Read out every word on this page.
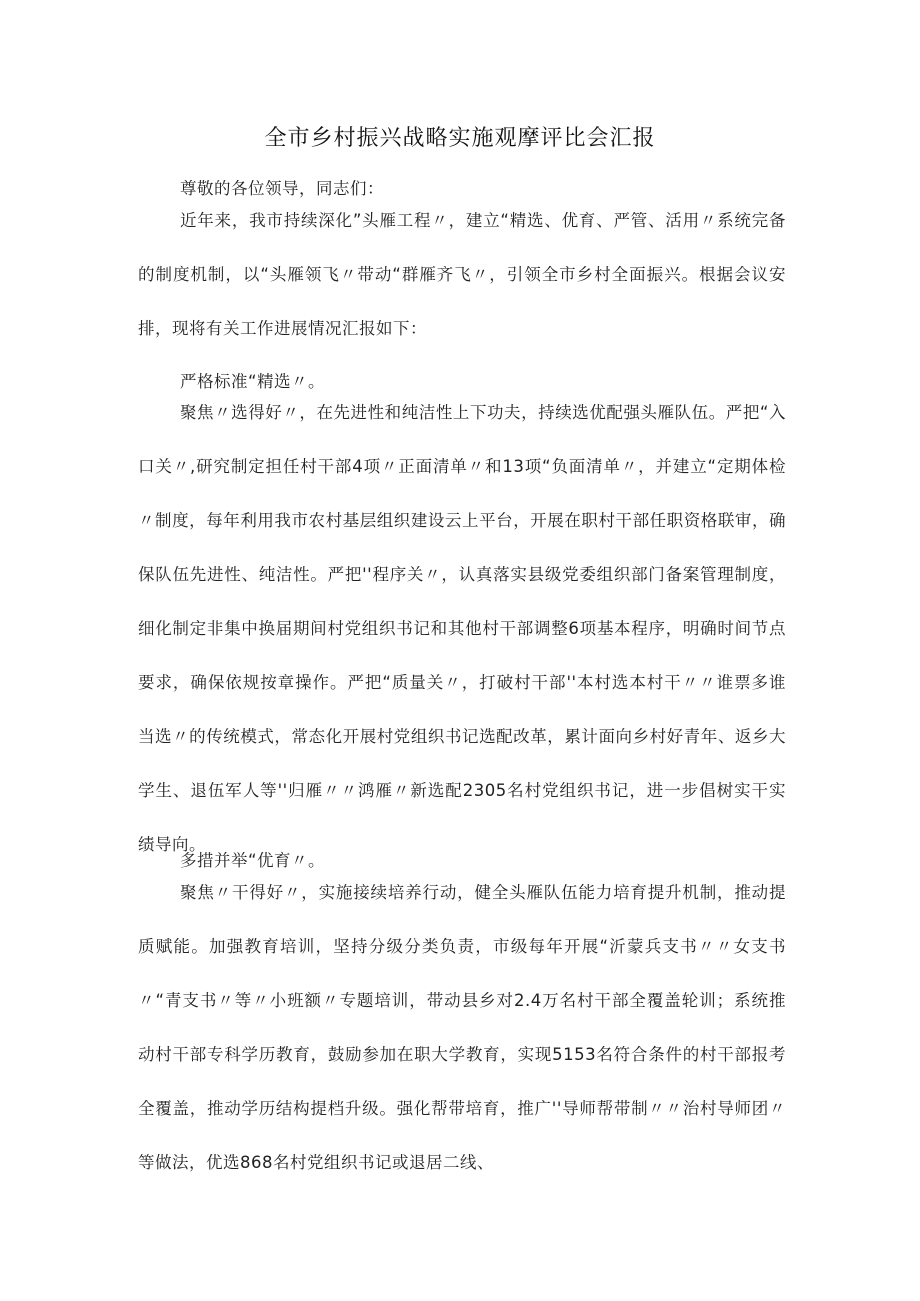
全市乡村振兴战略实施观摩评比会汇报
尊敬的各位领导，同志们：
近年来，我市持续深化”头雁工程〃，建立“精选、优育、严管、活用〃系统完备的制度机制，以“头雁领飞〃带动“群雁齐飞〃，引领全市乡村全面振兴。根据会议安排，现将有关工作进展情况汇报如下：
严格标准“精选〃。
聚焦〃选得好〃，在先进性和纯洁性上下功夫，持续选优配强头雁队伍。严把“入口关〃,研究制定担任村干部4项〃正面清单〃和13项“负面清单〃，并建立“定期体检〃制度，每年利用我市农村基层组织建设云上平台，开展在职村干部任职资格联审，确保队伍先进性、纯洁性。严把''程序关〃，认真落实县级党委组织部门备案管理制度，细化制定非集中换届期间村党组织书记和其他村干部调整6项基本程序，明确时间节点要求，确保依规按章操作。严把“质量关〃，打破村干部''本村选本村干〃〃谁票多谁当选〃的传统模式，常态化开展村党组织书记选配改革，累计面向乡村好青年、返乡大学生、退伍军人等''归雁〃〃鸿雁〃新选配2305名村党组织书记，进一步倡树实干实绩导向。
多措并举“优育〃。
聚焦〃干得好〃，实施接续培养行动，健全头雁队伍能力培育提升机制，推动提质赋能。加强教育培训，坚持分级分类负责，市级每年开展“沂蒙兵支书〃〃女支书〃“青支书〃等〃小班额〃专题培训，带动县乡对2.4万名村干部全覆盖轮训；系统推动村干部专科学历教育，鼓励参加在职大学教育，实现5153名符合条件的村干部报考全覆盖，推动学历结构提档升级。强化帮带培育，推广''导师帮带制〃〃治村导师团〃等做法，优选868名村党组织书记或退居二线、
